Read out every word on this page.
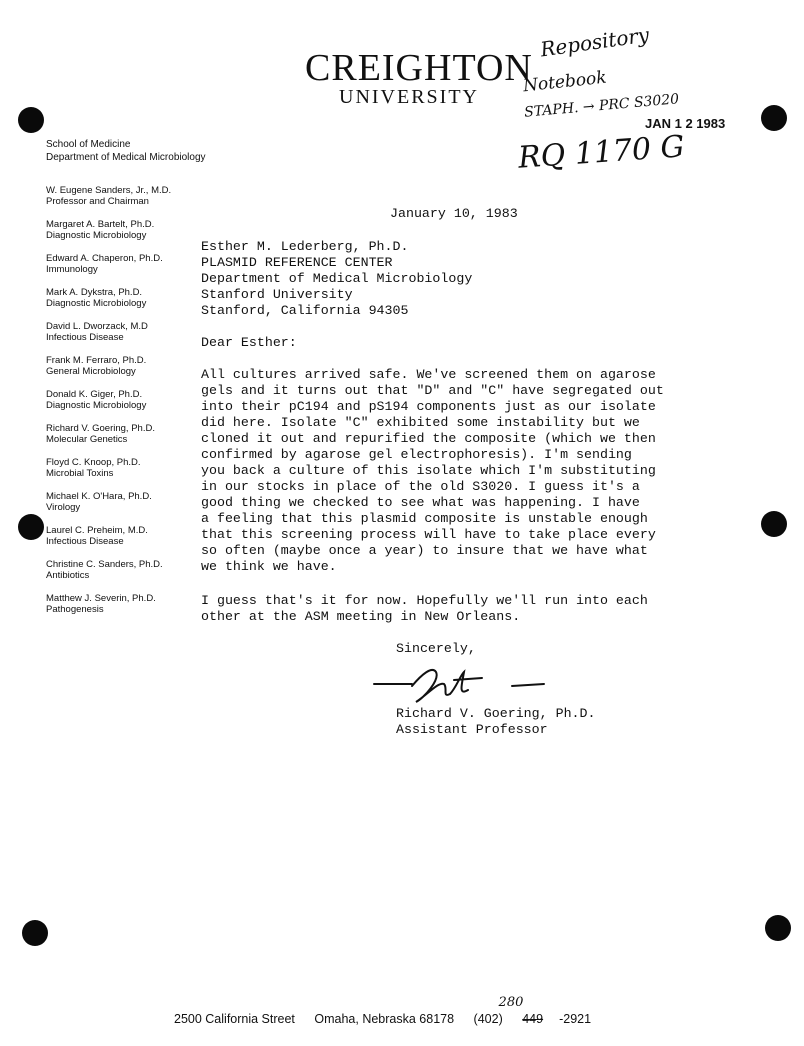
CREIGHTON
UNIVERSITY
School of Medicine
Department of Medical Microbiology
W. Eugene Sanders, Jr., M.D.
Professor and Chairman
Margaret A. Bartelt, Ph.D.
Diagnostic Microbiology
Edward A. Chaperon, Ph.D.
Immunology
Mark A. Dykstra, Ph.D.
Diagnostic Microbiology
David L. Dworzack, M.D
Infectious Disease
Frank M. Ferraro, Ph.D.
General Microbiology
Donald K. Giger, Ph.D.
Diagnostic Microbiology
Richard V. Goering, Ph.D.
Molecular Genetics
Floyd C. Knoop, Ph.D.
Microbial Toxins
Michael K. O'Hara, Ph.D.
Virology
Laurel C. Preheim, M.D.
Infectious Disease
Christine C. Sanders, Ph.D.
Antibiotics
Matthew J. Severin, Ph.D.
Pathogenesis
Repository
Notebook
STAPH. → PRC S3020
JAN 1 2 1983
RQ 1170 G
January 10, 1983
Esther M. Lederberg, Ph.D.
PLASMID REFERENCE CENTER
Department of Medical Microbiology
Stanford University
Stanford, California 94305
Dear Esther:
All cultures arrived safe. We've screened them on agarose
gels and it turns out that "D" and "C" have segregated out
into their pC194 and pS194 components just as our isolate
did here. Isolate "C" exhibited some instability but we
cloned it out and repurified the composite (which we then
confirmed by agarose gel electrophoresis). I'm sending
you back a culture of this isolate which I'm substituting
in our stocks in place of the old S3020. I guess it's a
good thing we checked to see what was happening. I have
a feeling that this plasmid composite is unstable enough
that this screening process will have to take place every
so often (maybe once a year) to insure that we have what
we think we have.
I guess that's it for now. Hopefully we'll run into each
other at the ASM meeting in New Orleans.
Sincerely,
Richard V. Goering, Ph.D.
Assistant Professor
2500 California Street Omaha, Nebraska 68178 (402) 449 -2921
280
